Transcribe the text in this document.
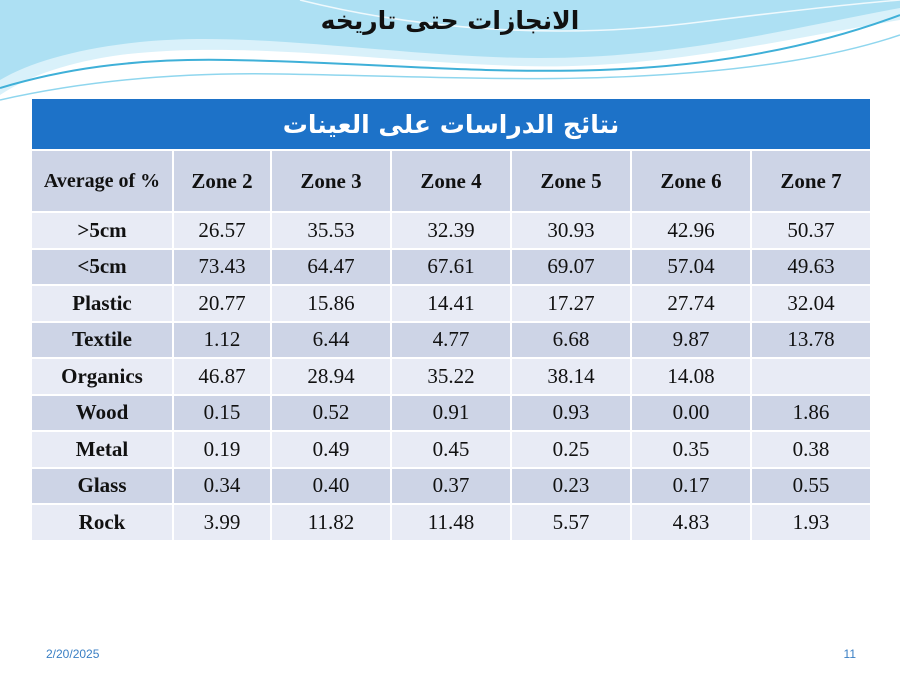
الانجازات حتى تاريخه
نتائج الدراسات على العينات						
Average of %	Zone 2	Zone 3	Zone 4	Zone 5	Zone 6	Zone 7
>5cm	26.57	35.53	32.39	30.93	42.96	50.37
<5cm	73.43	64.47	67.61	69.07	57.04	49.63
Plastic	20.77	15.86	14.41	17.27	27.74	32.04
Textile	1.12	6.44	4.77	6.68	9.87	13.78
Organics	46.87	28.94	35.22	38.14	14.08	
Wood	0.15	0.52	0.91	0.93	0.00	1.86
Metal	0.19	0.49	0.45	0.25	0.35	0.38
Glass	0.34	0.40	0.37	0.23	0.17	0.55
Rock	3.99	11.82	11.48	5.57	4.83	1.93
2/20/2025	11
